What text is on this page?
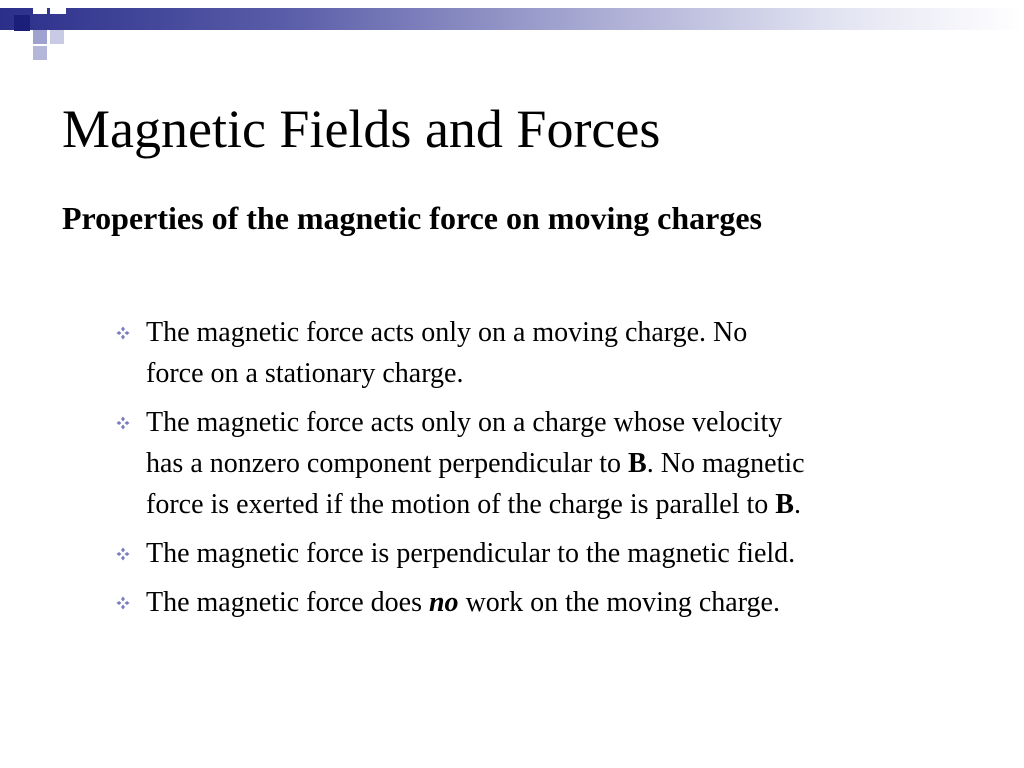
Magnetic Fields and Forces
Properties of the magnetic force on moving charges
The magnetic force acts only on a moving charge. No
force on a stationary charge.
The magnetic force acts only on a charge whose velocity
has a nonzero component perpendicular to B. No magnetic
force is exerted if the motion of the charge is parallel to B.
The magnetic force is perpendicular to the magnetic field.
The magnetic force does no work on the moving charge.
